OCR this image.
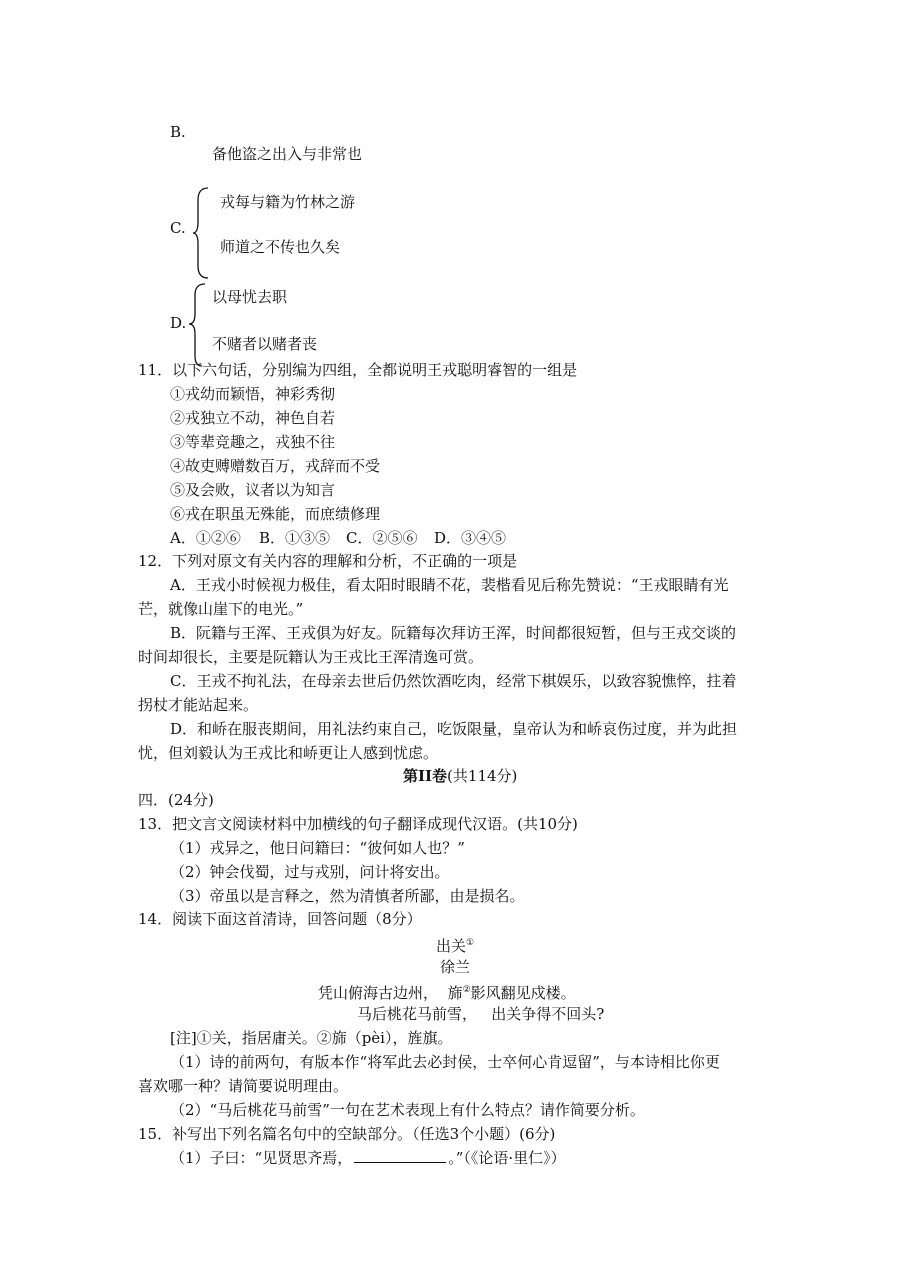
B.
备他盗之出入与非常也
C.
戎每与籍为竹林之游
师道之不传也久矣
D.
以母忧去职
不赌者以赌者丧
11．以下六句话，分别编为四组，全都说明王戎聪明睿智的一组是
①戎幼而颖悟，神彩秀彻
②戎独立不动，神色自若
③等辈竞趣之，戎独不往
④故吏赙赠数百万，戎辞而不受
⑤及会败，议者以为知言
⑥戎在职虽无殊能，而庶绩修理
A．①②⑥ B．①③⑤ C．②⑤⑥ D．③④⑤
12．下列对原文有关内容的理解和分析，不正确的一项是
A．王戎小时候视力极佳，看太阳时眼睛不花，裴楷看见后称先赞说：“王戎眼睛有光
芒，就像山崖下的电光。”
B．阮籍与王浑、王戎俱为好友。阮籍每次拜访王浑，时间都很短暂，但与王戎交谈的
时间却很长，主要是阮籍认为王戎比王浑清逸可赏。
C．王戎不拘礼法，在母亲去世后仍然饮酒吃肉，经常下棋娱乐，以致容貌憔悴，拄着
拐杖才能站起来。
D．和峤在服丧期间，用礼法约束自己，吃饭限量，皇帝认为和峤哀伤过度，并为此担
忧，但刘毅认为王戎比和峤更让人感到忧虑。
第II卷(共114分)
四．(24分)
13．把文言文阅读材料中加横线的句子翻译成现代汉语。(共10分)
（1）戎异之，他日问籍曰：“彼何如人也？”
（2）钟会伐蜀，过与戎别，问计将安出。
（3）帝虽以是言释之，然为清慎者所鄙，由是损名。
14．阅读下面这首清诗，回答问题（8分）
出关①
徐兰
凭山俯海古边州， 旆②影风翻见戍楼。
马后桃花马前雪，   出关争得不回头?
[注]①关，指居庸关。②旆（pèi），旌旗。
（1）诗的前两句，有版本作“将军此去必封侯，士卒何心肯逗留”，与本诗相比你更
喜欢哪一种？请简要说明理由。
（2）“马后桃花马前雪”一句在艺术表现上有什么特点？请作简要分析。
15．补写出下列名篇名句中的空缺部分。（任选3个小题）(6分)
（1）子曰：“见贤思齐焉，	。”（《论语·里仁》）
